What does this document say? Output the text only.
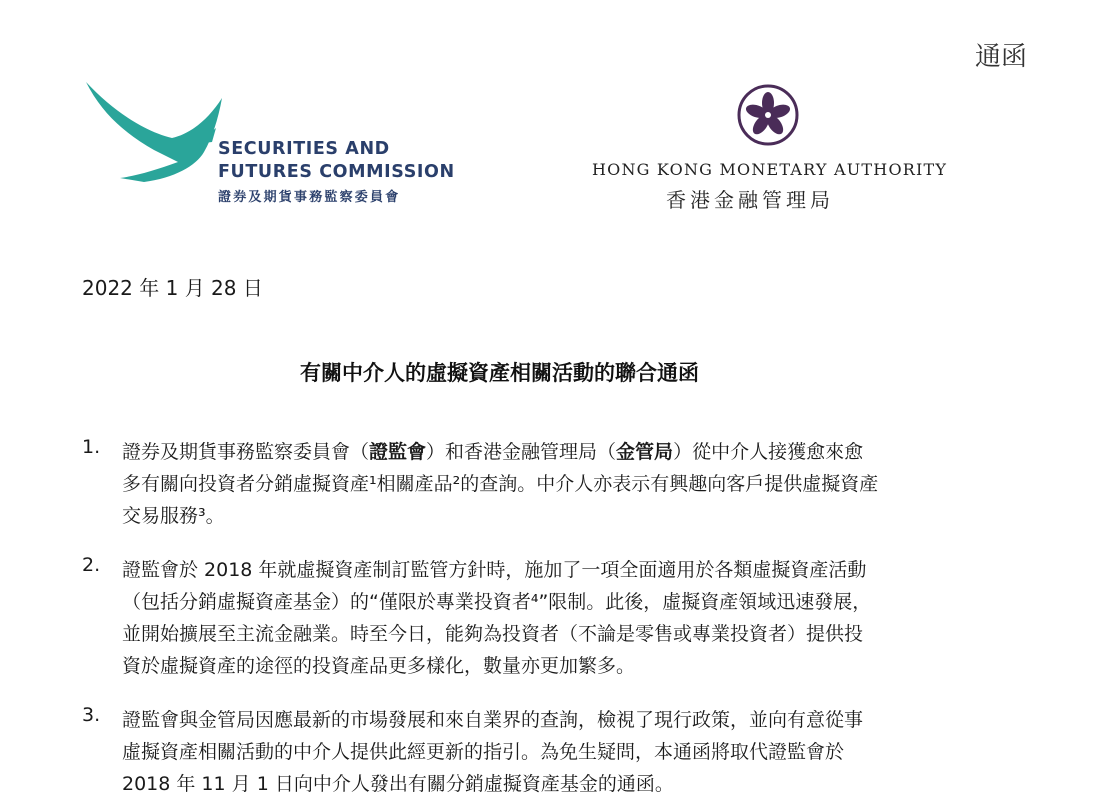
通函
SECURITIES AND
FUTURES COMMISSION
證券及期貨事務監察委員會
HONG KONG MONETARY AUTHORITY
香港金融管理局
2022 年 1 月 28 日
有關中介人的虛擬資產相關活動的聯合通函
1. 證券及期貨事務監察委員會（證監會）和香港金融管理局（金管局）從中介人接獲愈來愈
多有關向投資者分銷虛擬資產¹相關產品²的查詢。中介人亦表示有興趣向客戶提供虛擬資產
交易服務³。
2. 證監會於 2018 年就虛擬資產制訂監管方針時，施加了一項全面適用於各類虛擬資產活動
（包括分銷虛擬資產基金）的“僅限於專業投資者⁴”限制。此後，虛擬資產領域迅速發展，
並開始擴展至主流金融業。時至今日，能夠為投資者（不論是零售或專業投資者）提供投
資於虛擬資產的途徑的投資產品更多樣化，數量亦更加繁多。
3. 證監會與金管局因應最新的市場發展和來自業界的查詢，檢視了現行政策，並向有意從事
虛擬資產相關活動的中介人提供此經更新的指引。為免生疑問，本通函將取代證監會於
2018 年 11 月 1 日向中介人發出有關分銷虛擬資產基金的通函。
